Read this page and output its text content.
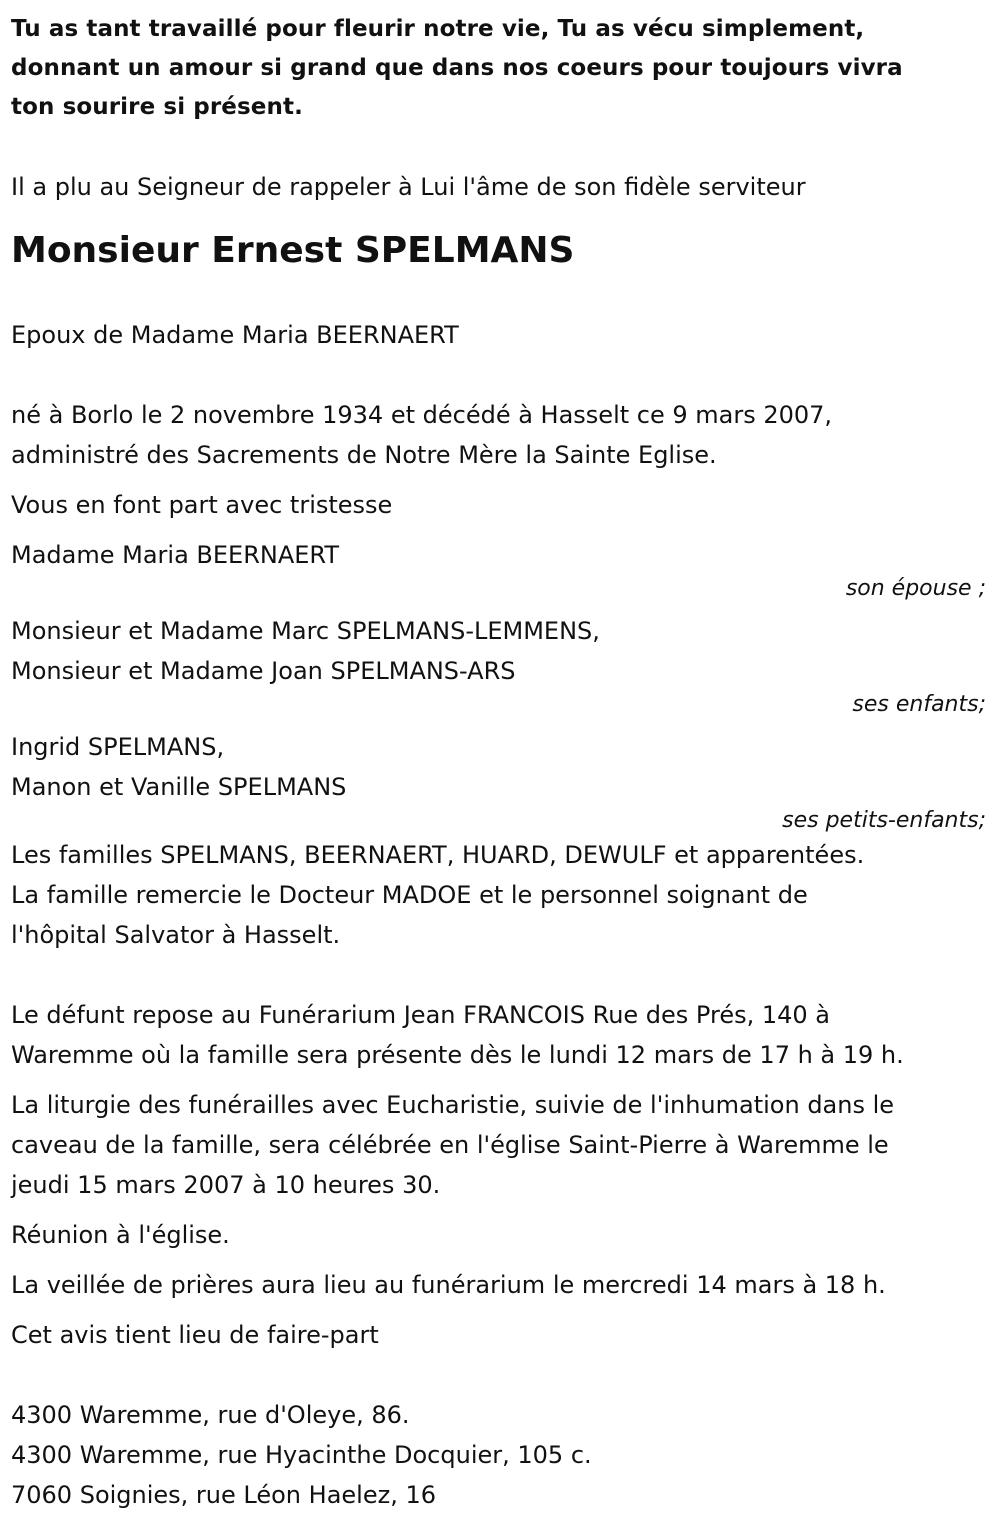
Tu as tant travaillé pour fleurir notre vie, Tu as vécu simplement,

donnant un amour si grand que dans nos coeurs pour toujours vivra

ton sourire si présent.

Il a plu au Seigneur de rappeler à Lui l'âme de son fidèle serviteur

Monsieur Ernest SPELMANS

Epoux de Madame Maria BEERNAERT

né à Borlo le 2 novembre 1934 et décédé à Hasselt ce 9 mars 2007,

administré des Sacrements de Notre Mère la Sainte Eglise.

Vous en font part avec tristesse

Madame Maria BEERNAERT

son épouse ;

Monsieur et Madame Marc SPELMANS-LEMMENS,

Monsieur et Madame Joan SPELMANS-ARS

ses enfants;

Ingrid SPELMANS,

Manon et Vanille SPELMANS

ses petits-enfants;

Les familles SPELMANS, BEERNAERT, HUARD, DEWULF et apparentées.

La famille remercie le Docteur MADOE et le personnel soignant de

l'hôpital Salvator à Hasselt.

Le défunt repose au Funérarium Jean FRANCOIS Rue des Prés, 140 à

Waremme où la famille sera présente dès le lundi 12 mars de 17 h à 19 h.

La liturgie des funérailles avec Eucharistie, suivie de l'inhumation dans le

caveau de la famille, sera célébrée en l'église Saint-Pierre à Waremme le

jeudi 15 mars 2007 à 10 heures 30.

Réunion à l'église.

La veillée de prières aura lieu au funérarium le mercredi 14 mars à 18 h.

Cet avis tient lieu de faire-part

4300 Waremme, rue d'Oleye, 86.

4300 Waremme, rue Hyacinthe Docquier, 105 c.

7060 Soignies, rue Léon Haelez, 16
